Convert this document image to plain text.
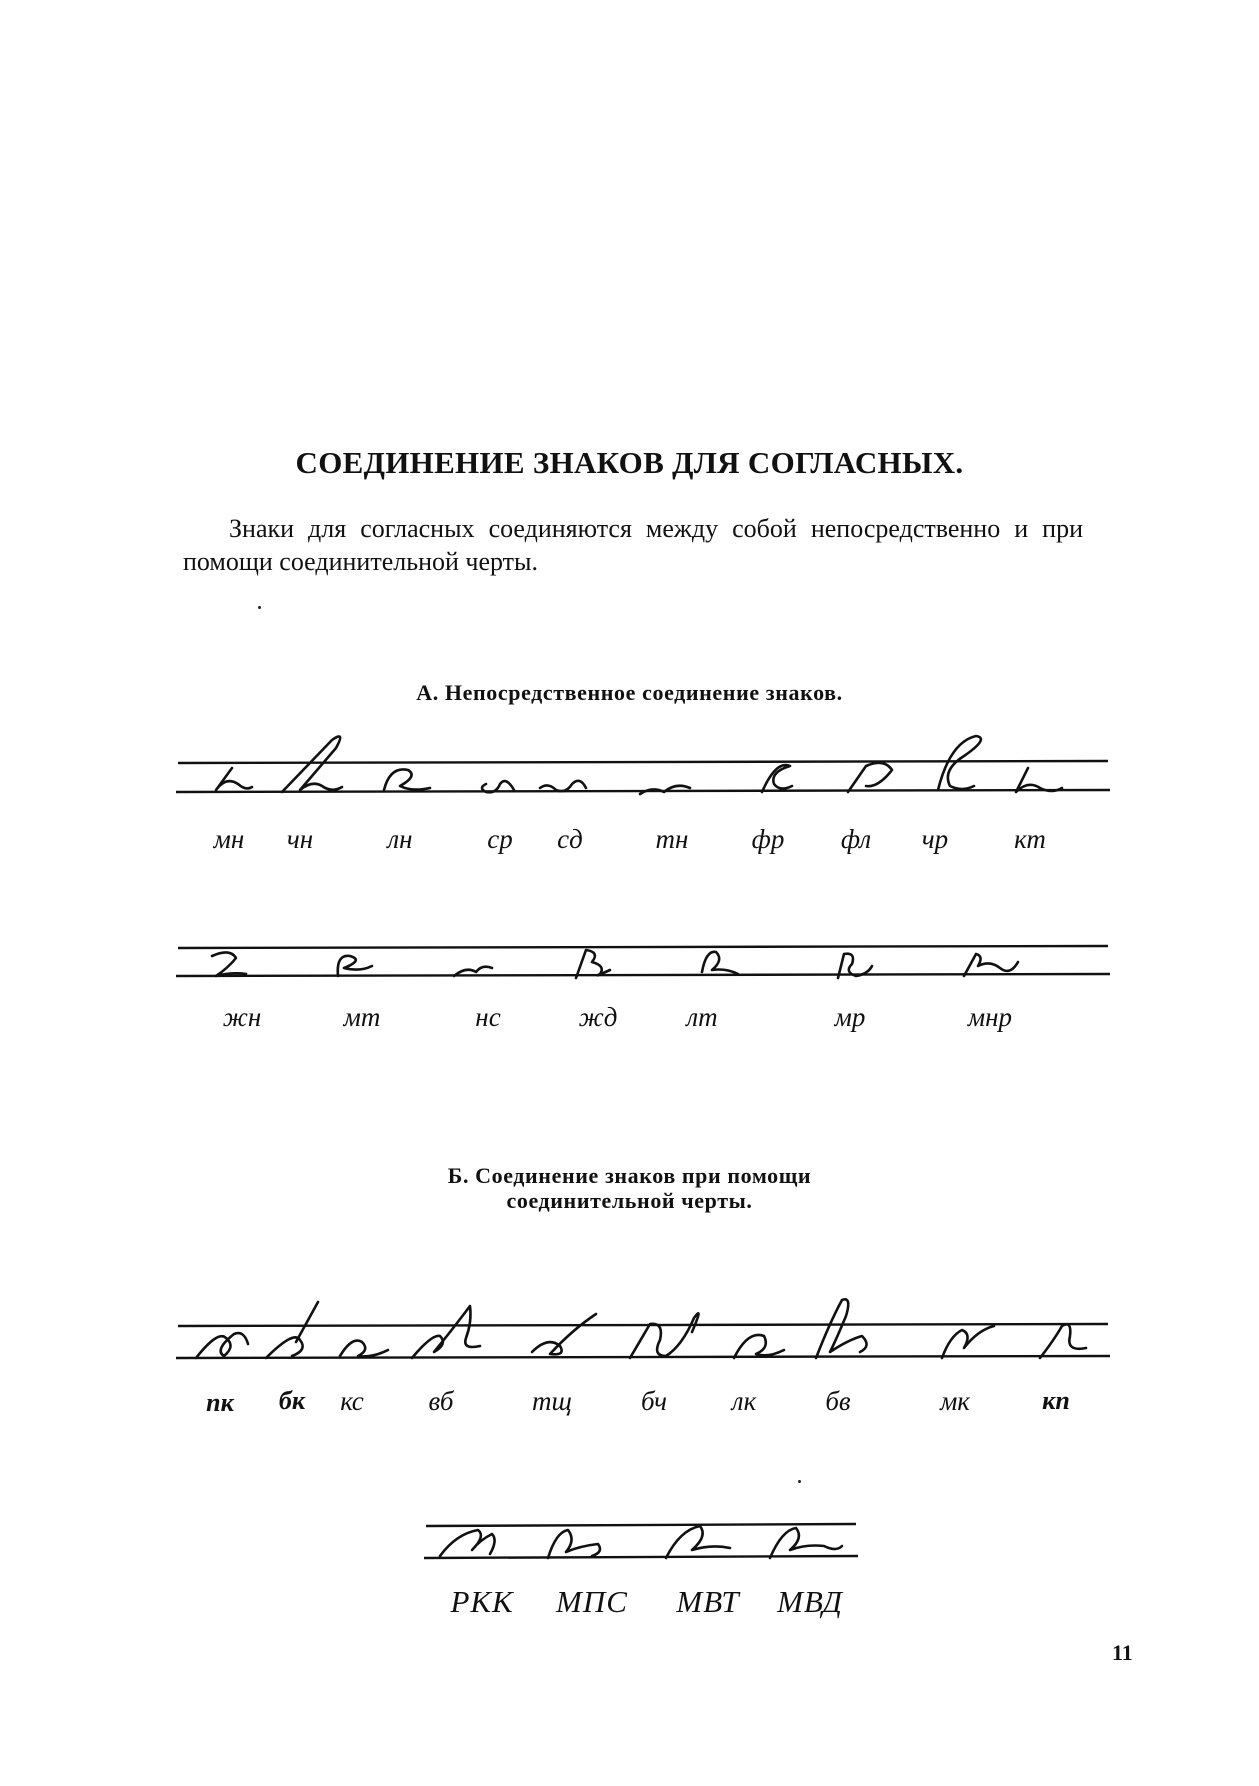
СОЕДИНЕНИЕ ЗНАКОВ ДЛЯ СОГЛАСНЫХ.
Знаки для согласных соединяются между собой непосредственно и при помощи соединительной черты.
А. Непосредственное соединение знаков.
Б. Соединение знаков при помощи
соединительной черты.
мн чн	лн	ср сд	тн фр фл чр кт
жн	мт	нс	жд	лт	мр	мнр
пк бк кс вб	тщ	бч лк	бв	мк	кп
РКК МПС МВТ МВД
11
